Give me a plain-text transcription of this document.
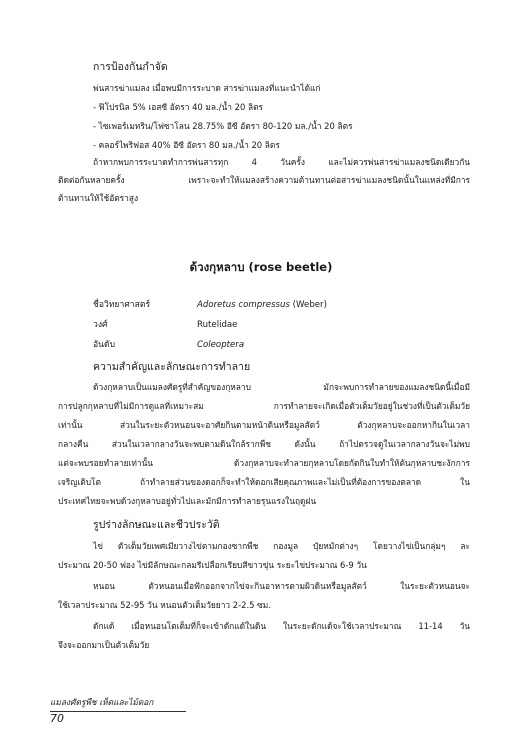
การป้องกันกำจัด
พ่นสารฆ่าแมลง เมื่อพบมีการระบาด สารฆ่าแมลงที่แนะนำได้แก่
- ฟิโปรนิล 5% เอสซี อัตรา 40 มล./น้ำ 20 ลิตร
- ไซเพอร์เมทริน/โฟซาโลน 28.75% อีซี อัตรา 80-120 มล./น้ำ 20 ลิตร
- คลอร์ไพริฟอส 40% อีซี อัตรา 80 มล./น้ำ 20 ลิตร
ถ้าหากพบการระบาดทำการพ่นสารทุก 4 วันครั้ง และไม่ควรพ่นสารฆ่าแมลงชนิดเดียวกัน
ติดต่อกันหลายครั้ง เพราะจะทำให้แมลงสร้างความต้านทานต่อสารฆ่าแมลงชนิดนั้นในแหล่งที่มีการ
ต้านทานให้ใช้อัตราสูง
ด้วงกุหลาบ (rose beetle)
ชื่อวิทยาศาสตร์	Adoretus compressus (Weber)
วงศ์	Rutelidae
อันดับ	Coleoptera
ความสำคัญและลักษณะการทำลาย
ด้วงกุหลาบเป็นแมลงศัตรูที่สำคัญของกุหลาบ มักจะพบการทำลายของแมลงชนิดนี้เมื่อมี
การปลูกกุหลาบที่ไม่มีการดูแลที่เหมาะสม การทำลายจะเกิดเมื่อตัวเต็มวัยอยู่ในช่วงที่เป็นตัวเต็มวัย
เท่านั้น ส่วนในระยะตัวหนอนจะอาศัยกินตามหน้าดินหรือมูลสัตว์ ตัวงกุหลาบจะออกหากินในเวลา
กลางคืน ส่วนในเวลากลางวันจะพบตามดินใกล้รากพืช ดังนั้น ถ้าไปตรวจดูในเวลากลางวันจะไม่พบ
แต่จะพบรอยทำลายเท่านั้น ด้วงกุหลาบจะทำลายกุหลาบโดยกัดกินใบทำให้ต้นกุหลาบชะงักการ
เจริญเติบโต ถ้าทำลายส่วนของดอกก็จะทำให้ดอกเสียคุณภาพและไม่เป็นที่ต้องการของตลาด ใน
ประเทศไทยจะพบด้วงกุหลาบอยู่ทั่วไปและมักมีการทำลายรุนแรงในฤดูฝน
รูปร่างลักษณะและชีวประวัติ
ไข่ ตัวเต็มวัยเพศเมียวางไข่ตามกองซากพืช กองมูล ปุ๋ยหมักต่างๆ โดยวางไข่เป็นกลุ่มๆ ละ
ประมาณ 20-50 ฟอง ไข่มีลักษณะกลมรีเปลือกเรียบสีขาวขุ่น ระยะไข่ประมาณ 6-9 วัน
หนอน ตัวหนอนเมื่อฟักออกจากไข่จะกินอาหารตามผิวดินหรือมูลสัตว์ ในระยะตัวหนอนจะ
ใช้เวลาประมาณ 52-95 วัน หนอนตัวเต็มวัยยาว 2-2.5 ซม.
ดักแด้ เมื่อหนอนโตเต็มที่ก็จะเข้าดักแด้ในดิน ในระยะดักแด้จะใช้เวลาประมาณ 11-14 วัน
จึงจะออกมาเป็นตัวเต็มวัย
แมลงศัตรูพืช เห็ดและไม้ดอก
70
